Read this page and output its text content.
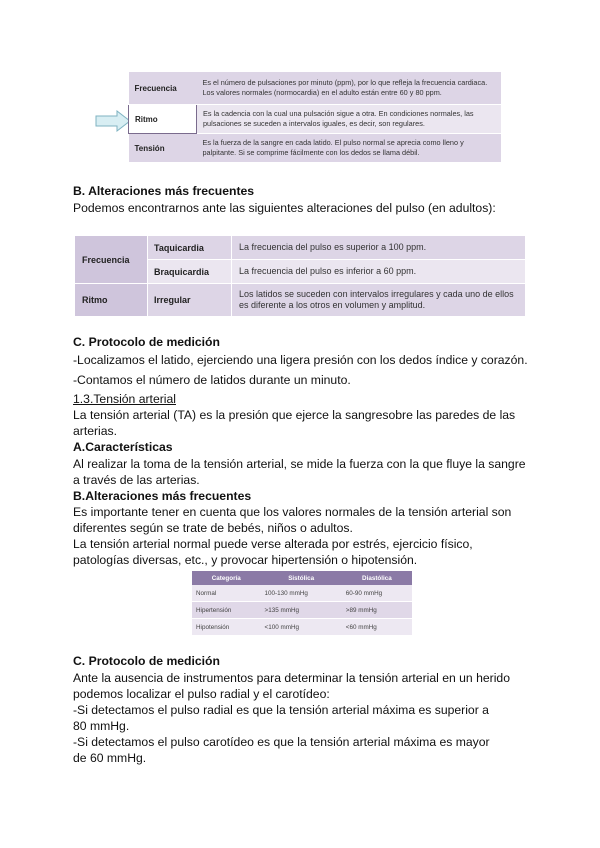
Frecuencia	Es el número de pulsaciones por minuto (ppm), por lo que refleja la frecuencia cardiaca. Los valores normales (normocardia) en el adulto están entre 60 y 80 ppm.
Ritmo	Es la cadencia con la cual una pulsación sigue a otra. En condiciones normales, las pulsaciones se suceden a intervalos iguales, es decir, son regulares.
Tensión	Es la fuerza de la sangre en cada latido. El pulso normal se aprecia como lleno y palpitante. Si se comprime fácilmente con los dedos se llama débil.
B. Alteraciones más frecuentes
Podemos encontrarnos ante las siguientes alteraciones del pulso (en adultos):
Frecuencia	Taquicardia	La frecuencia del pulso es superior a 100 ppm.
	Braquicardia	La frecuencia del pulso es inferior a 60 ppm.
Ritmo	Irregular	Los latidos se suceden con intervalos irregulares y cada uno de ellos es diferente a los otros en volumen y amplitud.
C. Protocolo de medición
-Localizamos el latido, ejerciendo una ligera presión con los dedos índice y corazón.
-Contamos el número de latidos durante un minuto.
1.3.Tensión arterial
La tensión arterial (TA) es la presión que ejerce la sangresobre las paredes de las
arterias.
A.Características
Al realizar la toma de la tensión arterial, se mide la fuerza con la que fluye la sangre
a través de las arterias.
B.Alteraciones más frecuentes
Es importante tener en cuenta que los valores normales de la tensión arterial son
diferentes según se trate de bebés, niños o adultos.
La tensión arterial normal puede verse alterada por estrés, ejercicio físico,
patologías diversas, etc., y provocar hipertensión o hipotensión.
Categoría	Sistólica	Diastólica
Normal	100-130 mmHg	60-90 mmHg
Hipertensión	>135 mmHg	>89 mmHg
Hipotensión	<100 mmHg	<60 mmHg
C. Protocolo de medición
Ante la ausencia de instrumentos para determinar la tensión arterial en un herido
podemos localizar el pulso radial y el carotídeo:
-Si detectamos el pulso radial es que la tensión arterial máxima es superior a
80 mmHg.
-Si detectamos el pulso carotídeo es que la tensión arterial máxima es mayor
de 60 mmHg.
